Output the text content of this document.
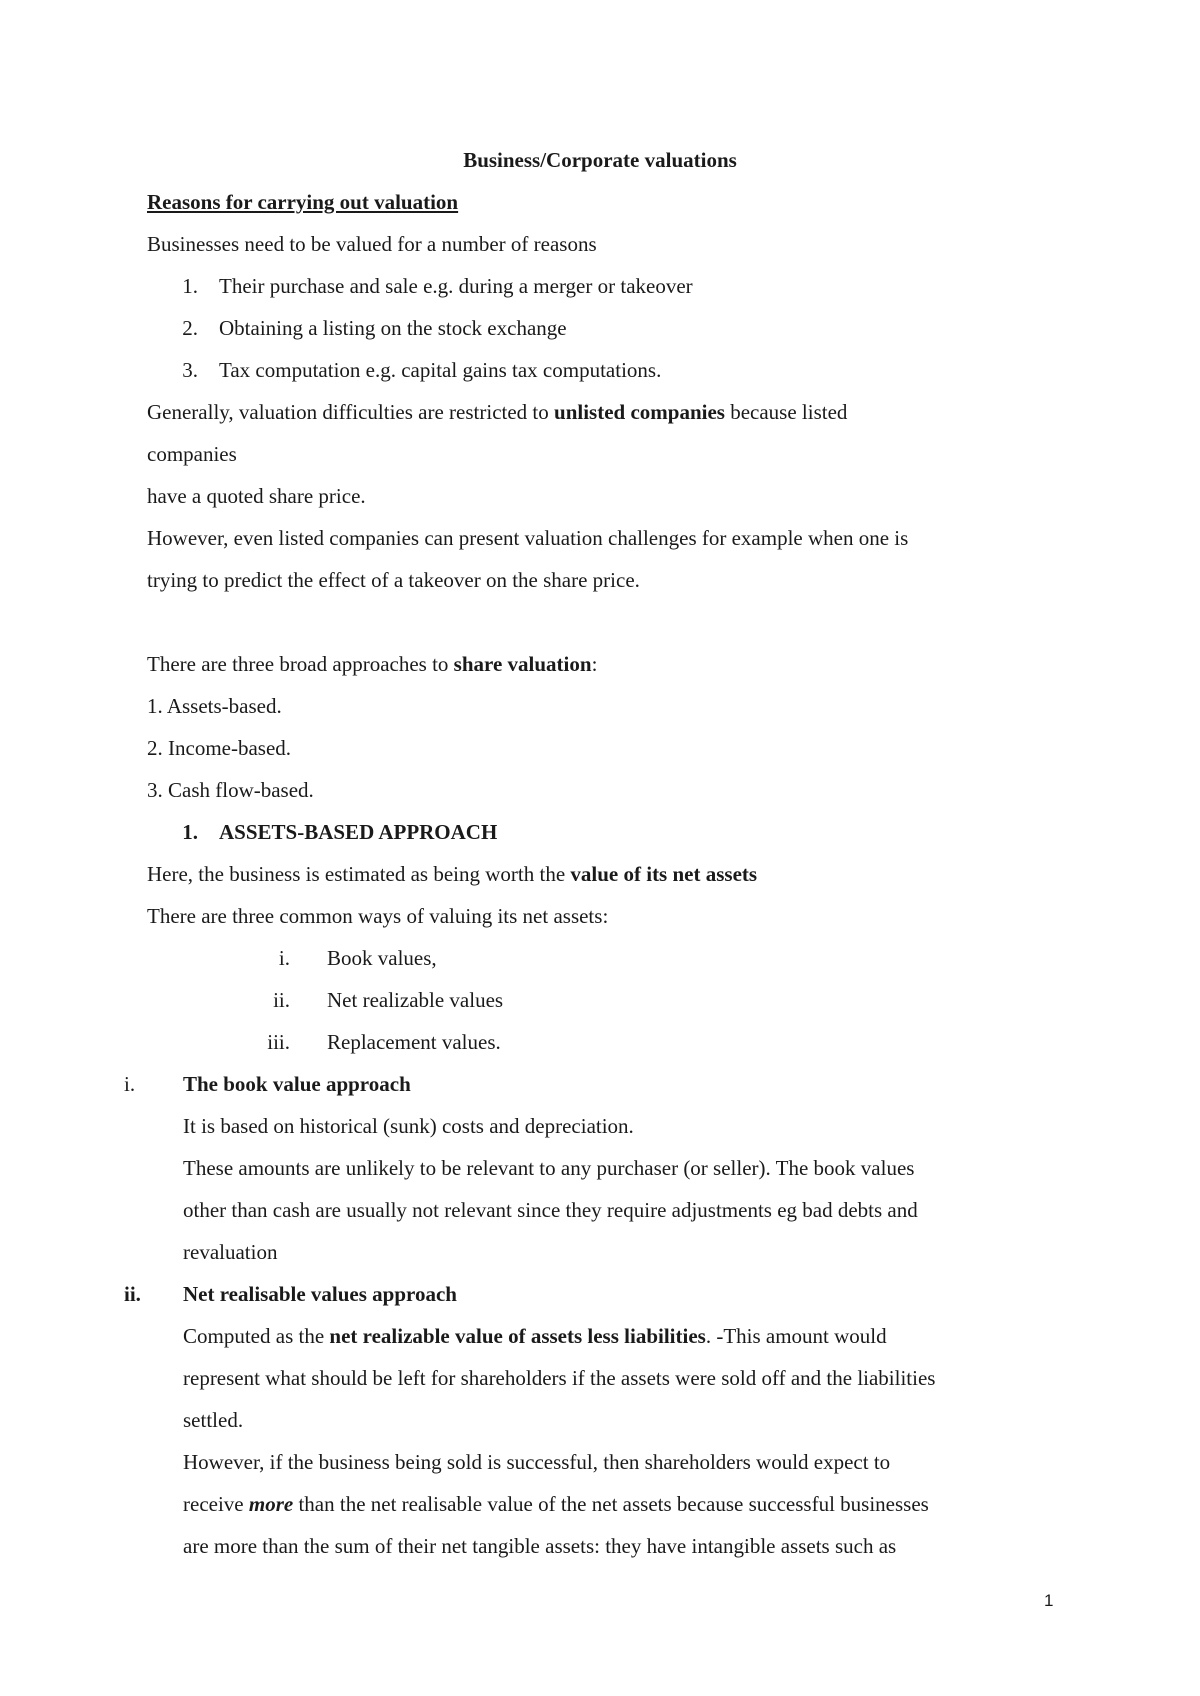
Business/Corporate valuations
Reasons for carrying out valuation
Businesses need to be valued for a number of reasons
1. Their purchase and sale e.g. during a merger or takeover
2. Obtaining a listing on the stock exchange
3. Tax computation e.g. capital gains tax computations.
Generally, valuation difficulties are restricted to unlisted companies because listed
companies
have a quoted share price.
However, even listed companies can present valuation challenges for example when one is
trying to predict the effect of a takeover on the share price.
There are three broad approaches to share valuation:
1. Assets-based.
2. Income-based.
3. Cash flow-based.
1. ASSETS-BASED APPROACH
Here, the business is estimated as being worth the value of its net assets
There are three common ways of valuing its net assets:
i. Book values,
ii. Net realizable values
iii. Replacement values.
i. The book value approach
It is based on historical (sunk) costs and depreciation.
These amounts are unlikely to be relevant to any purchaser (or seller). The book values
other than cash are usually not relevant since they require adjustments eg bad debts and
revaluation
ii. Net realisable values approach
Computed as the net realizable value of assets less liabilities. -This amount would
represent what should be left for shareholders if the assets were sold off and the liabilities
settled.
However, if the business being sold is successful, then shareholders would expect to
receive more than the net realisable value of the net assets because successful businesses
are more than the sum of their net tangible assets: they have intangible assets such as
1
